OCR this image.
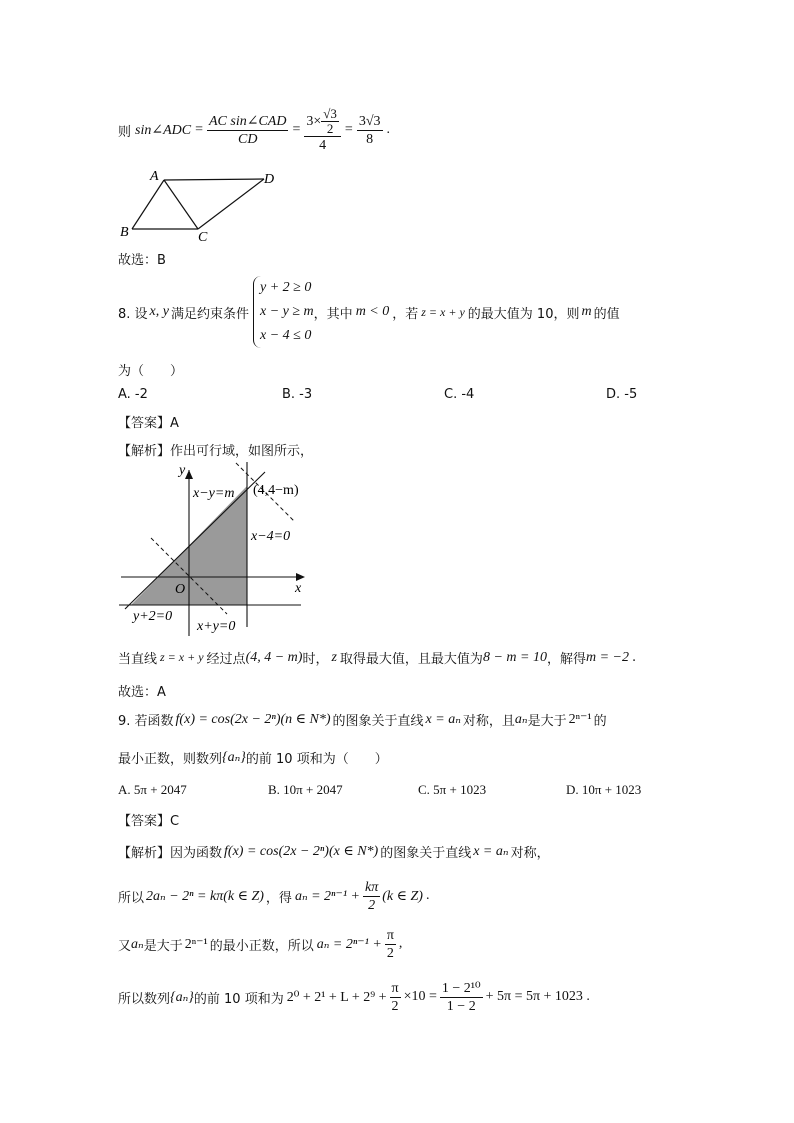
则 sin∠ADC = $\frac{\text{AC sin∠CAD}}{CD} = \frac{3\times \frac{√3}{2}}{4} = \frac{3√3}{8}$ .
A	D
B	C
故选：B
8. 设 x, y 满足约束条件
y + 2 ≥ 0
x − y ≥ m
x − 4 ≤ 0
，其中 m < 0 ，若 z = x + y 的最大值为 10，则 m 的值
为（　　）
A. -2	B. -3	C. -4	D. -5
【答案】A
【解析】作出可行域，如图所示，
y
x
O
x−y=m (4,4−m)
x−4=0
y+2=0
x+y=0
当直线 z = x + y 经过点 (4, 4 − m) 时， z 取得最大值，且最大值为 8 − m = 10 ，解得 m = −2 .
故选：A
9. 若函数 f(x) = cos(2x − 2ⁿ)(n ∈ N*) 的图象关于直线 x = aₙ 对称，且 aₙ 是大于 2ⁿ⁻¹ 的
最小正数，则数列 {aₙ} 的前 10 项和为（　　）
A. 5π + 2047	B. 10π + 2047	C. 5π + 1023	D. 10π + 1023
【答案】C
【解析】 因为函数 f(x) = cos(2x − 2ⁿ)(x ∈ N*) 的图象关于直线 x = aₙ 对称，
所以 2aₙ − 2ⁿ = kπ(k ∈ Z) ，得 $a_n = 2^{n-1} + \frac{k\pi}{2} (k$ ∈ Z) .
又 aₙ 是大于 2ⁿ⁻¹ 的最小正数，所以 $a_n = 2^{n-1} + \frac{\pi}{2}$ ,
所以数列 {aₙ} 的前 10 项和为 $2^0 + 2^1 + L + 2^9 + \frac{\pi}{2} \times 10 = \frac{\text{1 − 2¹⁰}}{1 - 2} + 5\pi = 5\pi + 1023$ .
